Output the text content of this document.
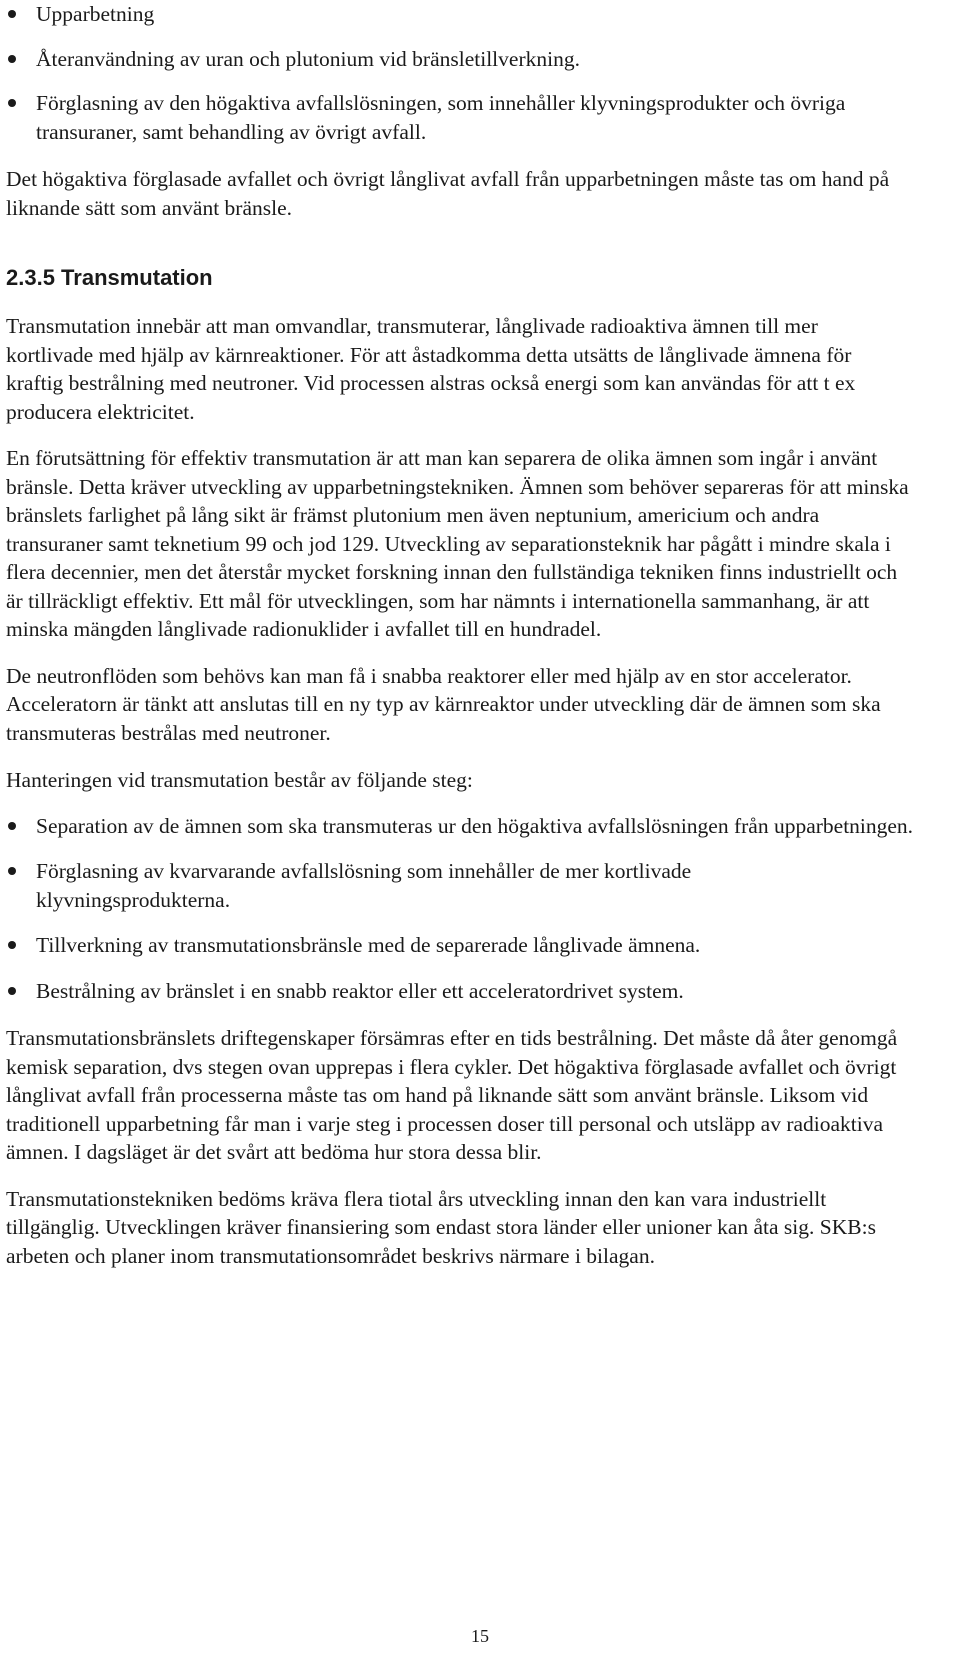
Upparbetning
Återanvändning av uran och plutonium vid bränsletillverkning.
Förglasning av den högaktiva avfallslösningen, som innehåller klyvningsprodukter och övriga transuraner, samt behandling av övrigt avfall.

Det högaktiva förglasade avfallet och övrigt långlivat avfall från upparbetningen måste tas om hand på liknande sätt som använt bränsle.

2.3.5 Transmutation

Transmutation innebär att man omvandlar, transmuterar, långlivade radioaktiva ämnen till mer kortlivade med hjälp av kärnreaktioner. För att åstadkomma detta utsätts de långlivade ämnena för kraftig bestrålning med neutroner. Vid processen alstras också energi som kan användas för att t ex producera elektricitet.

En förutsättning för effektiv transmutation är att man kan separera de olika ämnen som ingår i använt bränsle. Detta kräver utveckling av upparbetningstekniken. Ämnen som behöver separeras för att minska bränslets farlighet på lång sikt är främst plutonium men även neptunium, americium och andra transuraner samt teknetium 99 och jod 129. Utveckling av separationsteknik har pågått i mindre skala i flera decennier, men det återstår mycket forskning innan den fullständiga tekniken finns industriellt och är tillräckligt effektiv. Ett mål för utvecklingen, som har nämnts i internationella sammanhang, är att minska mängden långlivade radionuklider i avfallet till en hundradel.

De neutronflöden som behövs kan man få i snabba reaktorer eller med hjälp av en stor accelerator. Acceleratorn är tänkt att anslutas till en ny typ av kärnreaktor under utveckling där de ämnen som ska transmuteras bestrålas med neutroner.

Hanteringen vid transmutation består av följande steg:

Separation av de ämnen som ska transmuteras ur den högaktiva avfallslösningen från upparbetningen.
Förglasning av kvarvarande avfallslösning som innehåller de mer kortlivade klyvningsprodukterna.
Tillverkning av transmutationsbränsle med de separerade långlivade ämnena.
Bestrålning av bränslet i en snabb reaktor eller ett acceleratordrivet system.

Transmutationsbränslets driftegenskaper försämras efter en tids bestrålning. Det måste då åter genomgå kemisk separation, dvs stegen ovan upprepas i flera cykler. Det högaktiva förglasade avfallet och övrigt långlivat avfall från processerna måste tas om hand på liknande sätt som använt bränsle. Liksom vid traditionell upparbetning får man i varje steg i processen doser till personal och utsläpp av radioaktiva ämnen. I dagsläget är det svårt att bedöma hur stora dessa blir.

Transmutationstekniken bedöms kräva flera tiotal års utveckling innan den kan vara industriellt tillgänglig. Utvecklingen kräver finansiering som endast stora länder eller unioner kan åta sig. SKB:s arbeten och planer inom transmutationsområdet beskrivs närmare i bilagan.

15
